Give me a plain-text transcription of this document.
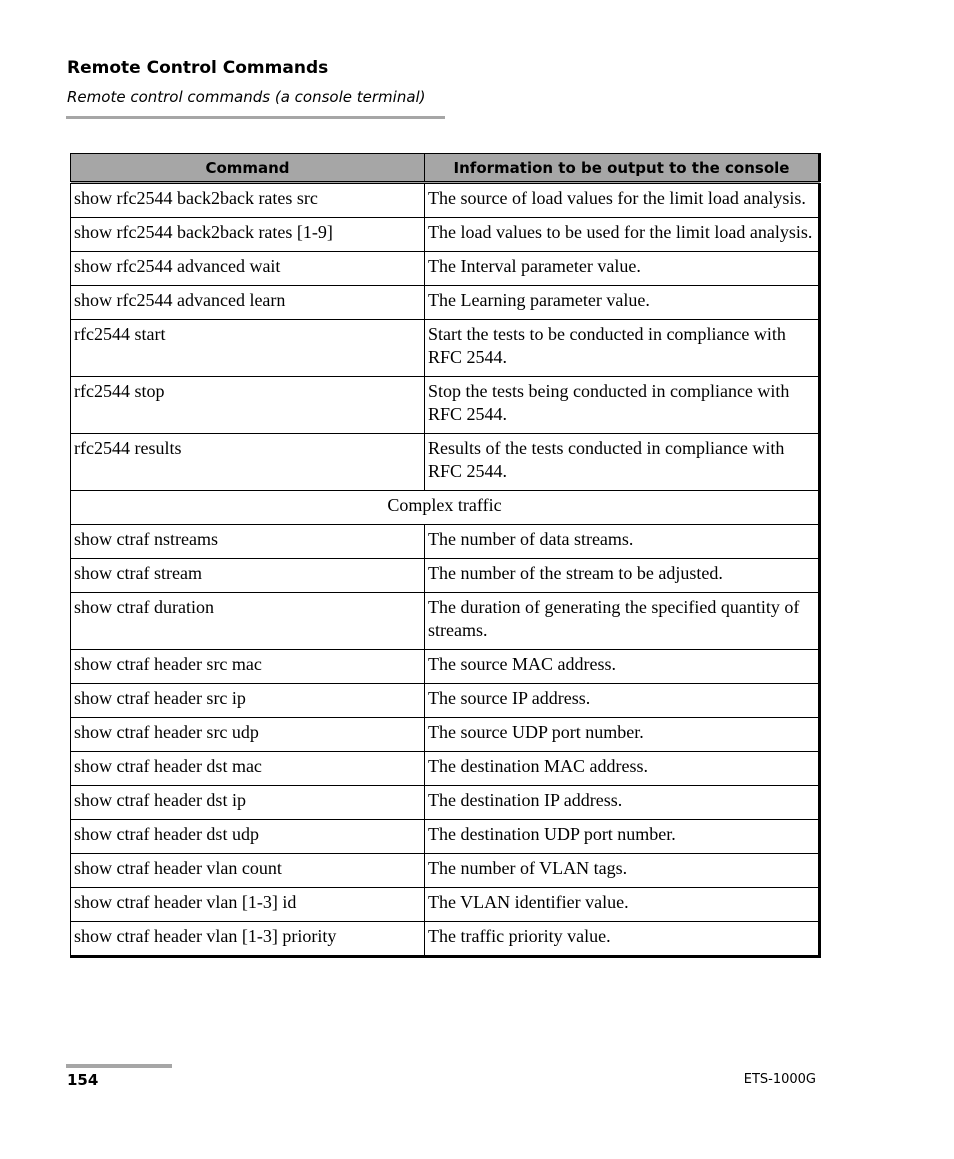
Remote Control Commands
Remote control commands (a console terminal)
Command	Information to be output to the console
show rfc2544 back2back rates src	The source of load values for the limit load analysis.
show rfc2544 back2back rates [1-9]	The load values to be used for the limit load analysis.
show rfc2544 advanced wait	The Interval parameter value.
show rfc2544 advanced learn	The Learning parameter value.
rfc2544 start	Start the tests to be conducted in compliance with RFC 2544.
rfc2544 stop	Stop the tests being conducted in compliance with RFC 2544.
rfc2544 results	Results of the tests conducted in compliance with RFC 2544.
Complex traffic	
show ctraf nstreams	The number of data streams.
show ctraf stream	The number of the stream to be adjusted.
show ctraf duration	The duration of generating the specified quantity of streams.
show ctraf header src mac	The source MAC address.
show ctraf header src ip	The source IP address.
show ctraf header src udp	The source UDP port number.
show ctraf header dst mac	The destination MAC address.
show ctraf header dst ip	The destination IP address.
show ctraf header dst udp	The destination UDP port number.
show ctraf header vlan count	The number of VLAN tags.
show ctraf header vlan [1-3] id	The VLAN identifier value.
show ctraf header vlan [1-3] priority	The traffic priority value.
154	ETS-1000G
